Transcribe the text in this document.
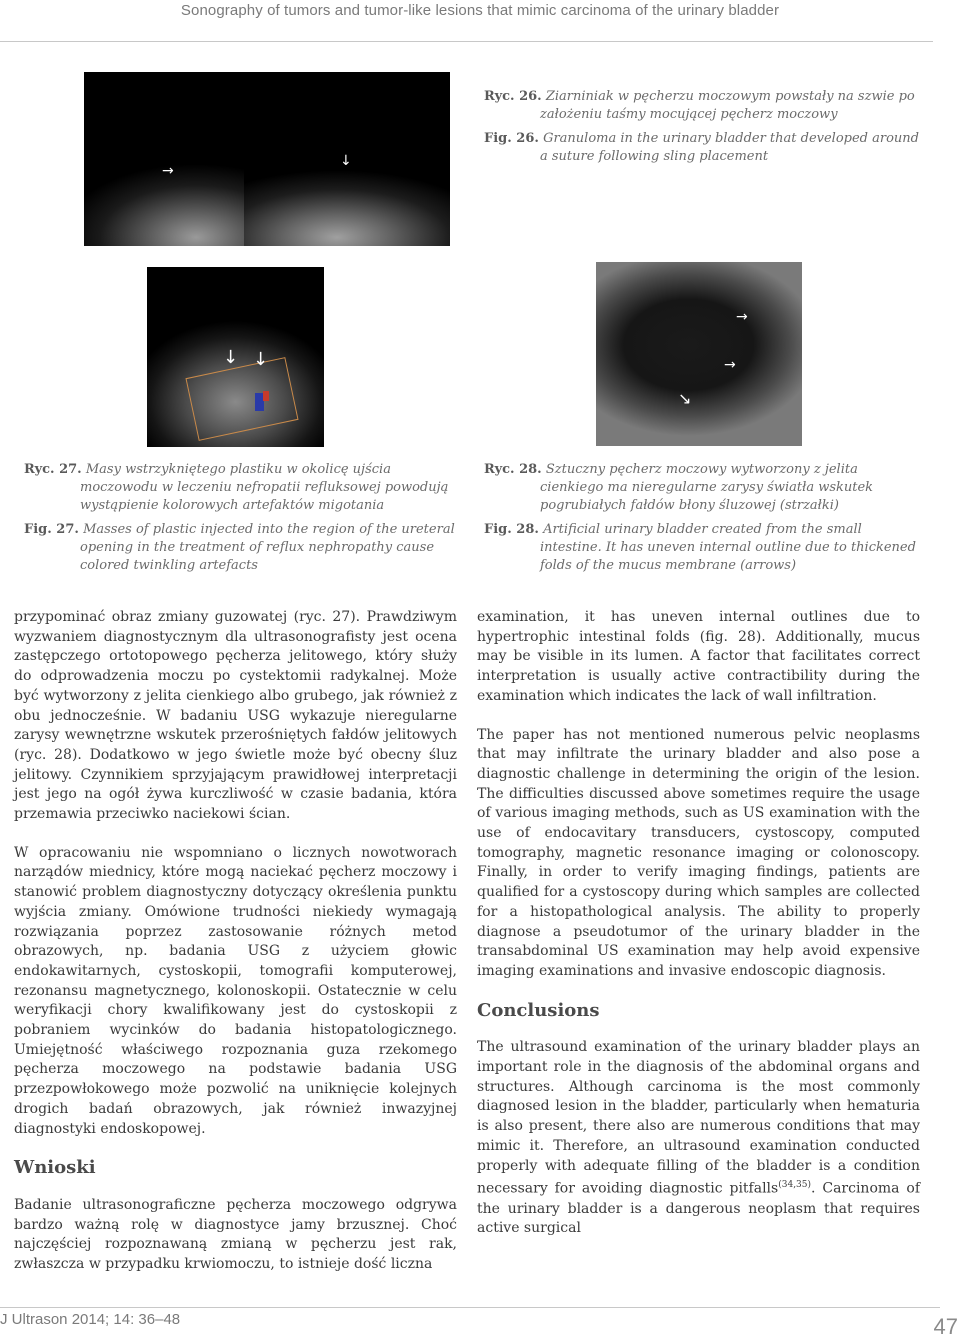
Sonography of tumors and tumor-like lesions that mimic carcinoma of the urinary bladder
→
↓

Ryc. 26. Ziarniniak w pęcherzu moczowym powstały na szwie po założeniu taśmy mocującej pęcherz moczowy

Fig. 26. Granuloma in the urinary bladder that developed around a suture following sling placement

↓ ↓
→
→
↘

Ryc. 27. Masy wstrzykniętego plastiku w okolicę ujścia moczowodu w leczeniu nefropatii refluksowej powodują wystąpienie kolorowych artefaktów migotania

Fig. 27. Masses of plastic injected into the region of the ureteral opening in the treatment of reflux nephropathy cause colored twinkling artefacts

Ryc. 28. Sztuczny pęcherz moczowy wytworzony z jelita cienkiego ma nieregularne zarysy światła wskutek pogrubiałych fałdów błony śluzowej (strzałki)

Fig. 28. Artificial urinary bladder created from the small intestine. It has uneven internal outline due to thickened folds of the mucus membrane (arrows)

przypominać obraz zmiany guzowatej (ryc. 27). Prawdziwym wyzwaniem diagnostycznym dla ultrasonografisty jest ocena zastępczego ortotopowego pęcherza jelitowego, który służy do odprowadzenia moczu po cystektomii radykalnej. Może być wytworzony z jelita cienkiego albo grubego, jak również z obu jednocześnie. W badaniu USG wykazuje nieregularne zarysy wewnętrzne wskutek przerośniętych fałdów jelitowych (ryc. 28). Dodatkowo w jego świetle może być obecny śluz jelitowy. Czynnikiem sprzyjającym prawidłowej interpretacji jest jego na ogół żywa kurczliwość w czasie badania, która przemawia przeciwko naciekowi ścian.

W opracowaniu nie wspomniano o licznych nowotworach narządów miednicy, które mogą naciekać pęcherz moczowy i stanowić problem diagnostyczny dotyczący określenia punktu wyjścia zmiany. Omówione trudności niekiedy wymagają rozwiązania poprzez zastosowanie różnych metod obrazowych, np. badania USG z użyciem głowic endokawitarnych, cystoskopii, tomografii komputerowej, rezonansu magnetycznego, kolonoskopii. Ostatecznie w celu weryfikacji chory kwalifikowany jest do cystoskopii z pobraniem wycinków do badania histopatologicznego. Umiejętność właściwego rozpoznania guza rzekomego pęcherza moczowego na podstawie badania USG przezpowłokowego może pozwolić na uniknięcie kolejnych drogich badań obrazowych, jak również inwazyjnej diagnostyki endoskopowej.

Wnioski

Badanie ultrasonograficzne pęcherza moczowego odgrywa bardzo ważną rolę w diagnostyce jamy brzusznej. Choć najczęściej rozpoznawaną zmianą w pęcherzu jest rak, zwłaszcza w przypadku krwiomoczu, to istnieje dość liczna

examination, it has uneven internal outlines due to hypertrophic intestinal folds (fig. 28). Additionally, mucus may be visible in its lumen. A factor that facilitates correct interpretation is usually active contractibility during the examination which indicates the lack of wall infiltration.

The paper has not mentioned numerous pelvic neoplasms that may infiltrate the urinary bladder and also pose a diagnostic challenge in determining the origin of the lesion. The difficulties discussed above sometimes require the usage of various imaging methods, such as US examination with the use of endocavitary transducers, cystoscopy, computed tomography, magnetic resonance imaging or colonoscopy. Finally, in order to verify imaging findings, patients are qualified for a cystoscopy during which samples are collected for a histopathological analysis. The ability to properly diagnose a pseudotumor of the urinary bladder in the transabdominal US examination may help avoid expensive imaging examinations and invasive endoscopic diagnosis.

Conclusions

The ultrasound examination of the urinary bladder plays an important role in the diagnosis of the abdominal organs and structures. Although carcinoma is the most commonly diagnosed lesion in the bladder, particularly when hematuria is also present, there also are numerous conditions that may mimic it. Therefore, an ultrasound examination conducted properly with adequate filling of the bladder is a condition necessary for avoiding diagnostic pitfalls$^{(34,35)}$. Carcinoma of the urinary bladder is a dangerous neoplasm that requires active surgical

J Ultrason 2014; 14: 36–48	47
